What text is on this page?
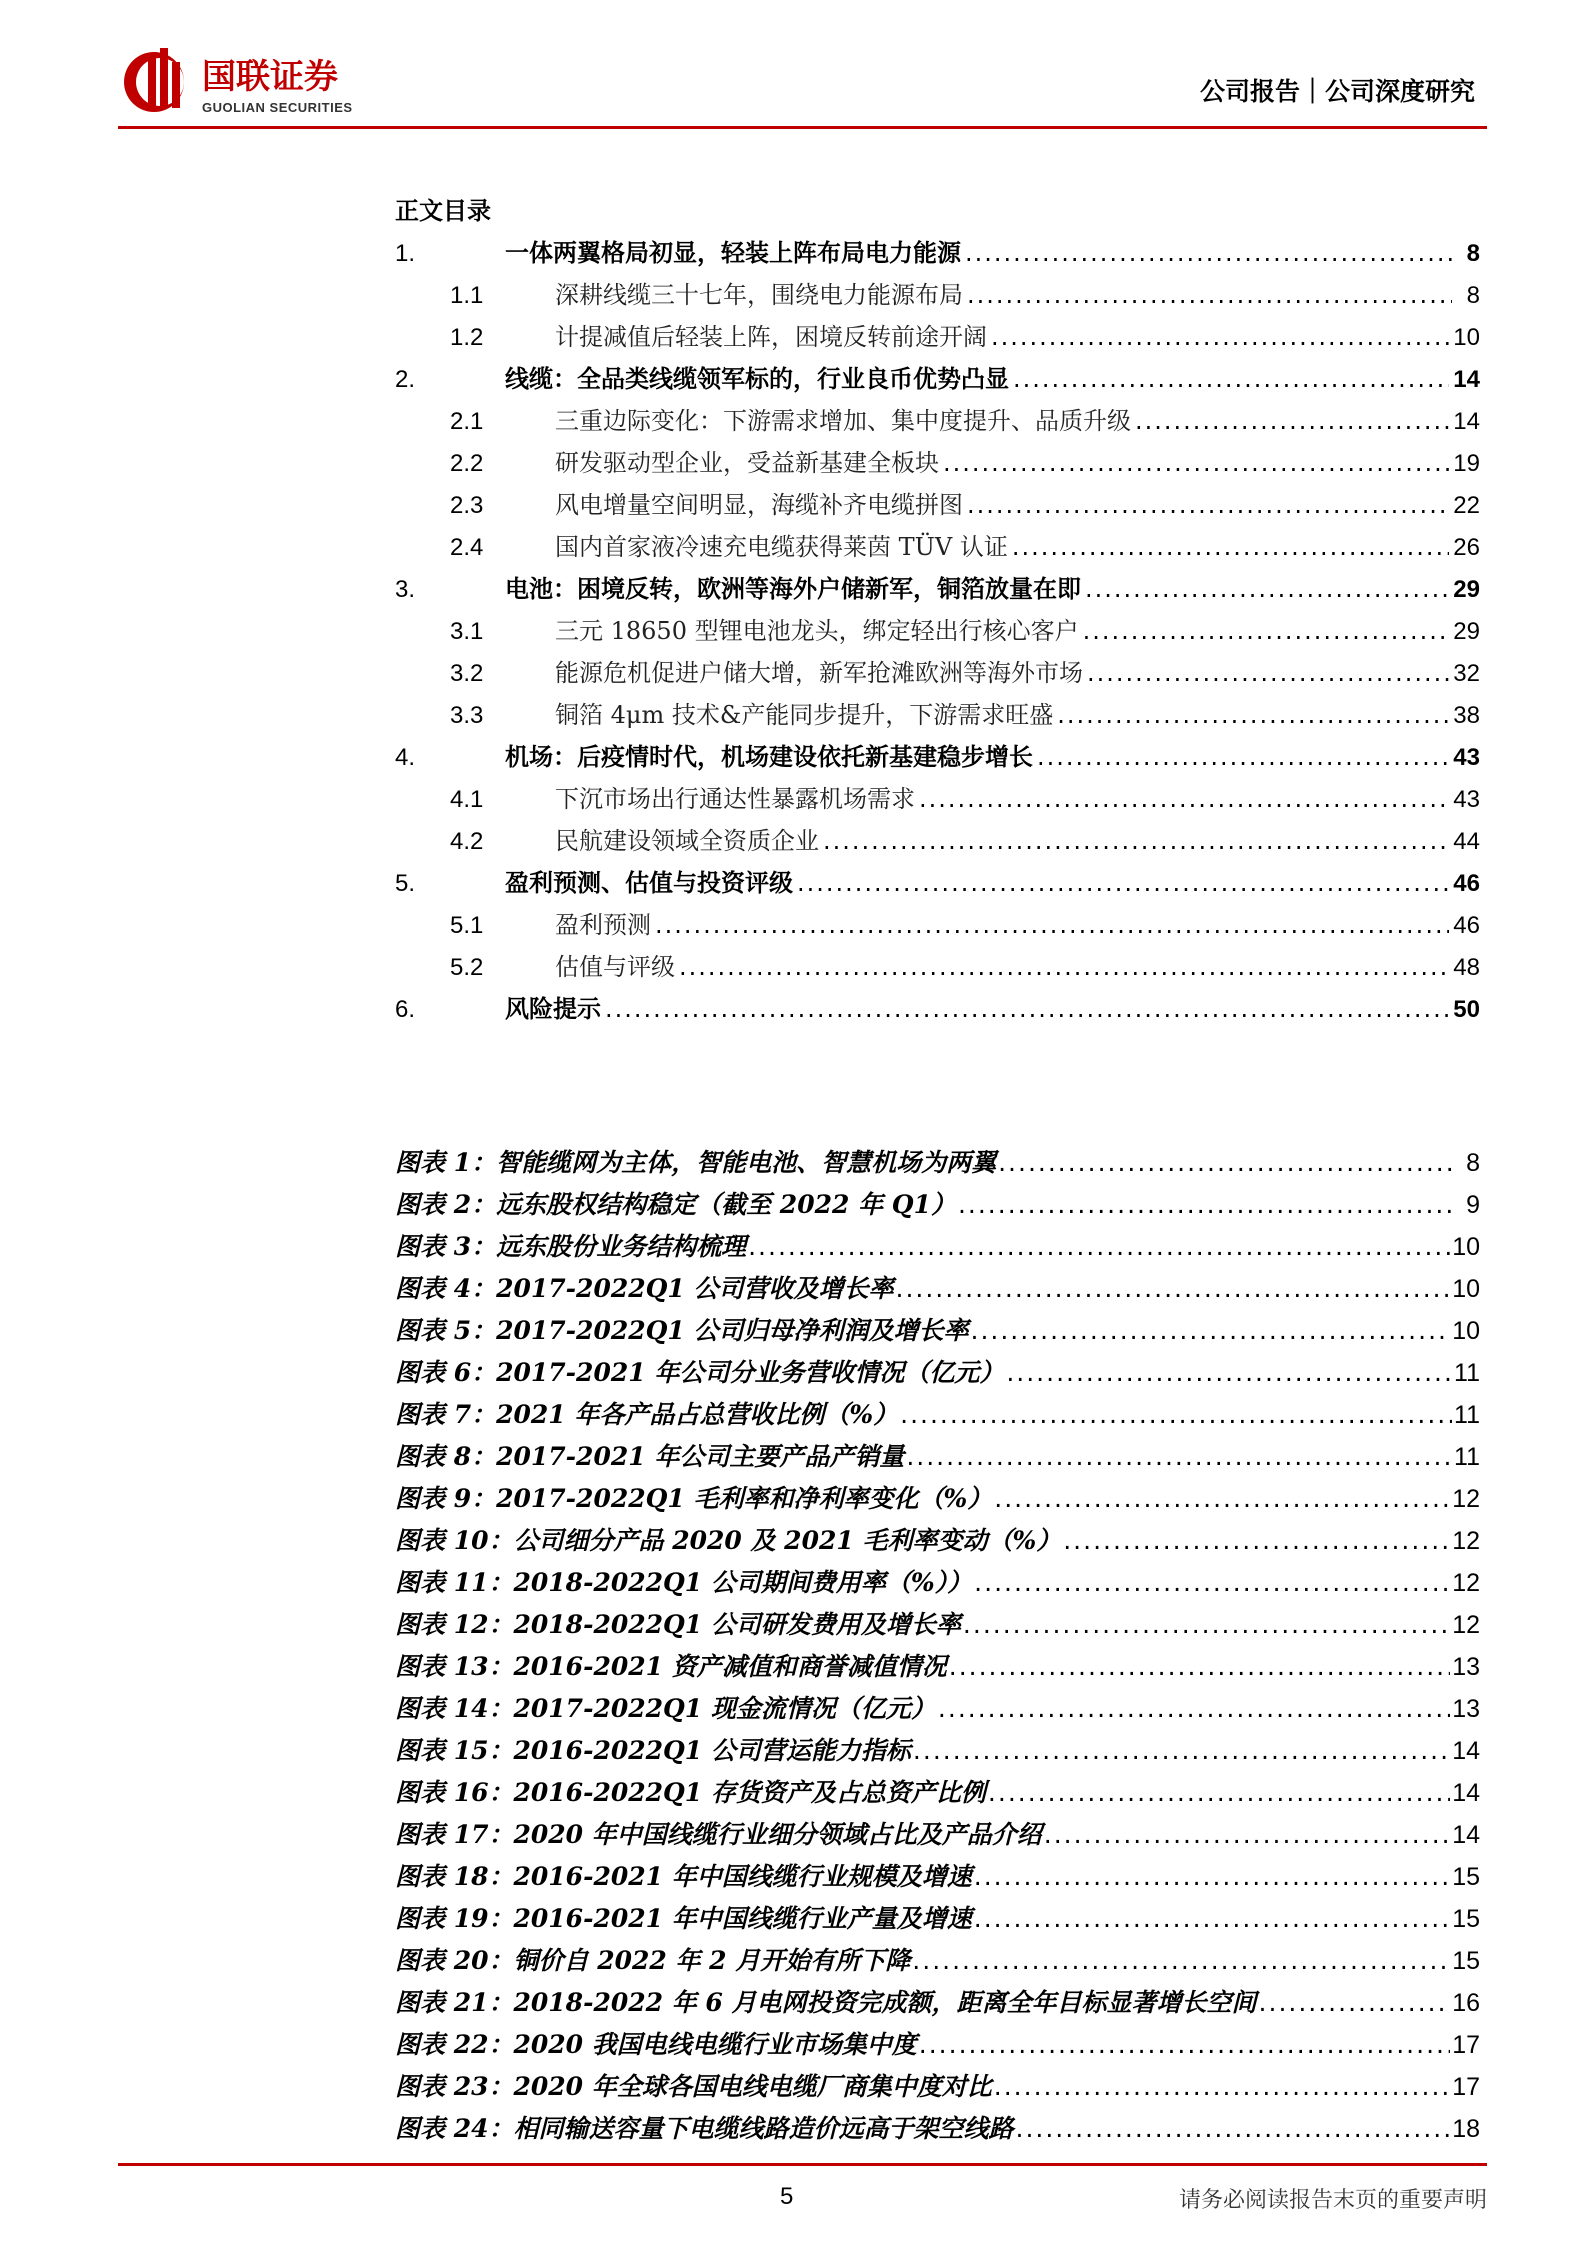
国联证券
GUOLIAN SECURITIES
公司报告｜公司深度研究
正文目录
1.	一体两翼格局初显，轻装上阵布局电力能源 .....	8
1.1	深耕线缆三十七年，围绕电力能源布局 .....	8
1.2	计提减值后轻装上阵，困境反转前途开阔 .....	10
2.	线缆：全品类线缆领军标的，行业良币优势凸显 .....	14
2.1	三重边际变化：下游需求增加、集中度提升、品质升级 .....	14
2.2	研发驱动型企业，受益新基建全板块 .....	19
2.3	风电增量空间明显，海缆补齐电缆拼图 .....	22
2.4	国内首家液冷速充电缆获得莱茵 TÜV 认证 .....	26
3.	电池：困境反转，欧洲等海外户储新军，铜箔放量在即 .....	29
3.1	三元 18650 型锂电池龙头，绑定轻出行核心客户 .....	29
3.2	能源危机促进户储大增，新军抢滩欧洲等海外市场 .....	32
3.3	铜箔 4μm 技术&产能同步提升，下游需求旺盛 .....	38
4.	机场：后疫情时代，机场建设依托新基建稳步增长 .....	43
4.1	下沉市场出行通达性暴露机场需求 .....	43
4.2	民航建设领域全资质企业 .....	44
5.	盈利预测、估值与投资评级 .....	46
5.1	盈利预测 .....	46
5.2	估值与评级 .....	48
6.	风险提示 .....	50
图表 1：智能缆网为主体，智能电池、智慧机场为两翼 .....	8
图表 2：远东股权结构稳定（截至 2022 年 Q1） .....	9
图表 3：远东股份业务结构梳理 .....	10
图表 4：2017-2022Q1 公司营收及增长率 .....	10
图表 5：2017-2022Q1 公司归母净利润及增长率 .....	10
图表 6：2017-2021 年公司分业务营收情况（亿元） .....	11
图表 7：2021 年各产品占总营收比例（%） .....	11
图表 8：2017-2021 年公司主要产品产销量 .....	11
图表 9：2017-2022Q1 毛利率和净利率变化（%） .....	12
图表 10：公司细分产品 2020 及 2021 毛利率变动（%） .....	12
图表 11：2018-2022Q1 公司期间费用率（%）） .....	12
图表 12：2018-2022Q1 公司研发费用及增长率 .....	12
图表 13：2016-2021 资产减值和商誉减值情况 .....	13
图表 14：2017-2022Q1 现金流情况（亿元） .....	13
图表 15：2016-2022Q1 公司营运能力指标 .....	14
图表 16：2016-2022Q1 存货资产及占总资产比例 .....	14
图表 17：2020 年中国线缆行业细分领域占比及产品介绍 .....	14
图表 18：2016-2021 年中国线缆行业规模及增速 .....	15
图表 19：2016-2021 年中国线缆行业产量及增速 .....	15
图表 20：铜价自 2022 年 2 月开始有所下降 .....	15
图表 21：2018-2022 年 6 月电网投资完成额，距离全年目标显著增长空间 .....	16
图表 22：2020 我国电线电缆行业市场集中度 .....	17
图表 23：2020 年全球各国电线电缆厂商集中度对比 .....	17
图表 24：相同输送容量下电缆线路造价远高于架空线路 .....	18
5	请务必阅读报告末页的重要声明
